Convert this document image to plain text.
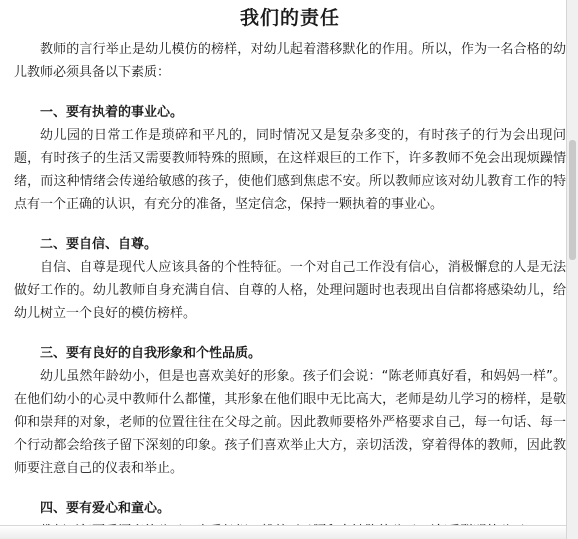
我们的责任

教师的言行举止是幼儿模仿的榜样，对幼儿起着潜移默化的作用。所以，作为一名合格的幼儿教师必须具备以下素质：

一、要有执着的事业心。

幼儿园的日常工作是琐碎和平凡的，同时情况又是复杂多变的，有时孩子的行为会出现问题，有时孩子的生活又需要教师特殊的照顾，在这样艰巨的工作下，许多教师不免会出现烦躁情绪，而这种情绪会传递给敏感的孩子，使他们感到焦虑不安。所以教师应该对幼儿教育工作的特点有一个正确的认识，有充分的准备，坚定信念，保持一颗执着的事业心。

二、要自信、自尊。

自信、自尊是现代人应该具备的个性特征。一个对自己工作没有信心，消极懈怠的人是无法做好工作的。幼儿教师自身充满自信、自尊的人格，处理问题时也表现出自信都将感染幼儿，给幼儿树立一个良好的模仿榜样。

三、要有良好的自我形象和个性品质。

幼儿虽然年龄幼小，但是也喜欢美好的形象。孩子们会说：“陈老师真好看，和妈妈一样”。在他们幼小的心灵中教师什么都懂，其形象在他们眼中无比高大，老师是幼儿学习的榜样，是敬仰和崇拜的对象，老师的位置往往在父母之前。因此教师要格外严格要求自己，每一句话、每一个行动都会给孩子留下深刻的印象。孩子们喜欢举止大方，亲切活泼，穿着得体的教师，因此教师要注意自己的仪表和举止。

四、要有爱心和童心。
